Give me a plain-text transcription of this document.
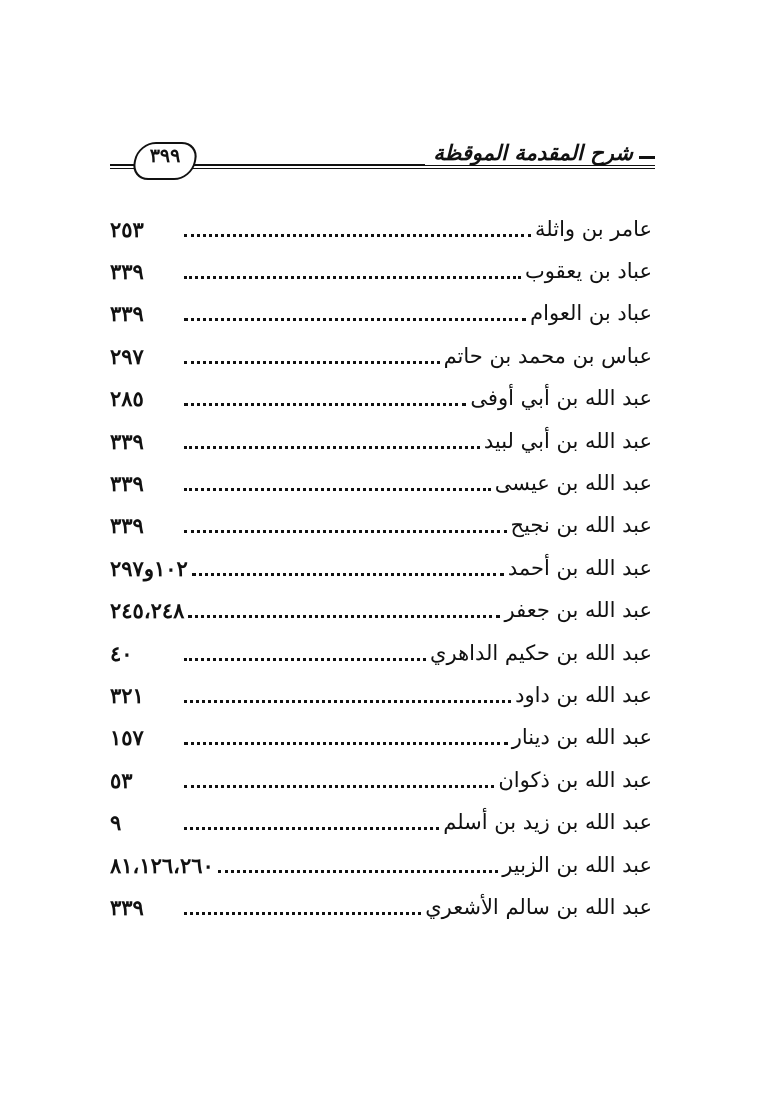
٣٩٩	شرح المقدمة الموقظة
عامر بن واثلة
٢٥٣
عباد بن يعقوب
٣٣٩
عباد بن العوام
٣٣٩
عباس بن محمد بن حاتم
٢٩٧
عبد الله بن أبي أوفى
٢٨٥
عبد الله بن أبي لبيد
٣٣٩
عبد الله بن عيسى
٣٣٩
عبد الله بن نجيح
٣٣٩
عبد الله بن أحمد
١٠٢و٢٩٧
عبد الله بن جعفر
٢٤٥،٢٤٨
عبد الله بن حكيم الداهري
٤٠
عبد الله بن داود
٣٢١
عبد الله بن دينار
١٥٧
عبد الله بن ذكوان
٥٣
عبد الله بن زيد بن أسلم
٩
عبد الله بن الزبير
٨١،١٢٦،٢٦٠
عبد الله بن سالم الأشعري
٣٣٩
